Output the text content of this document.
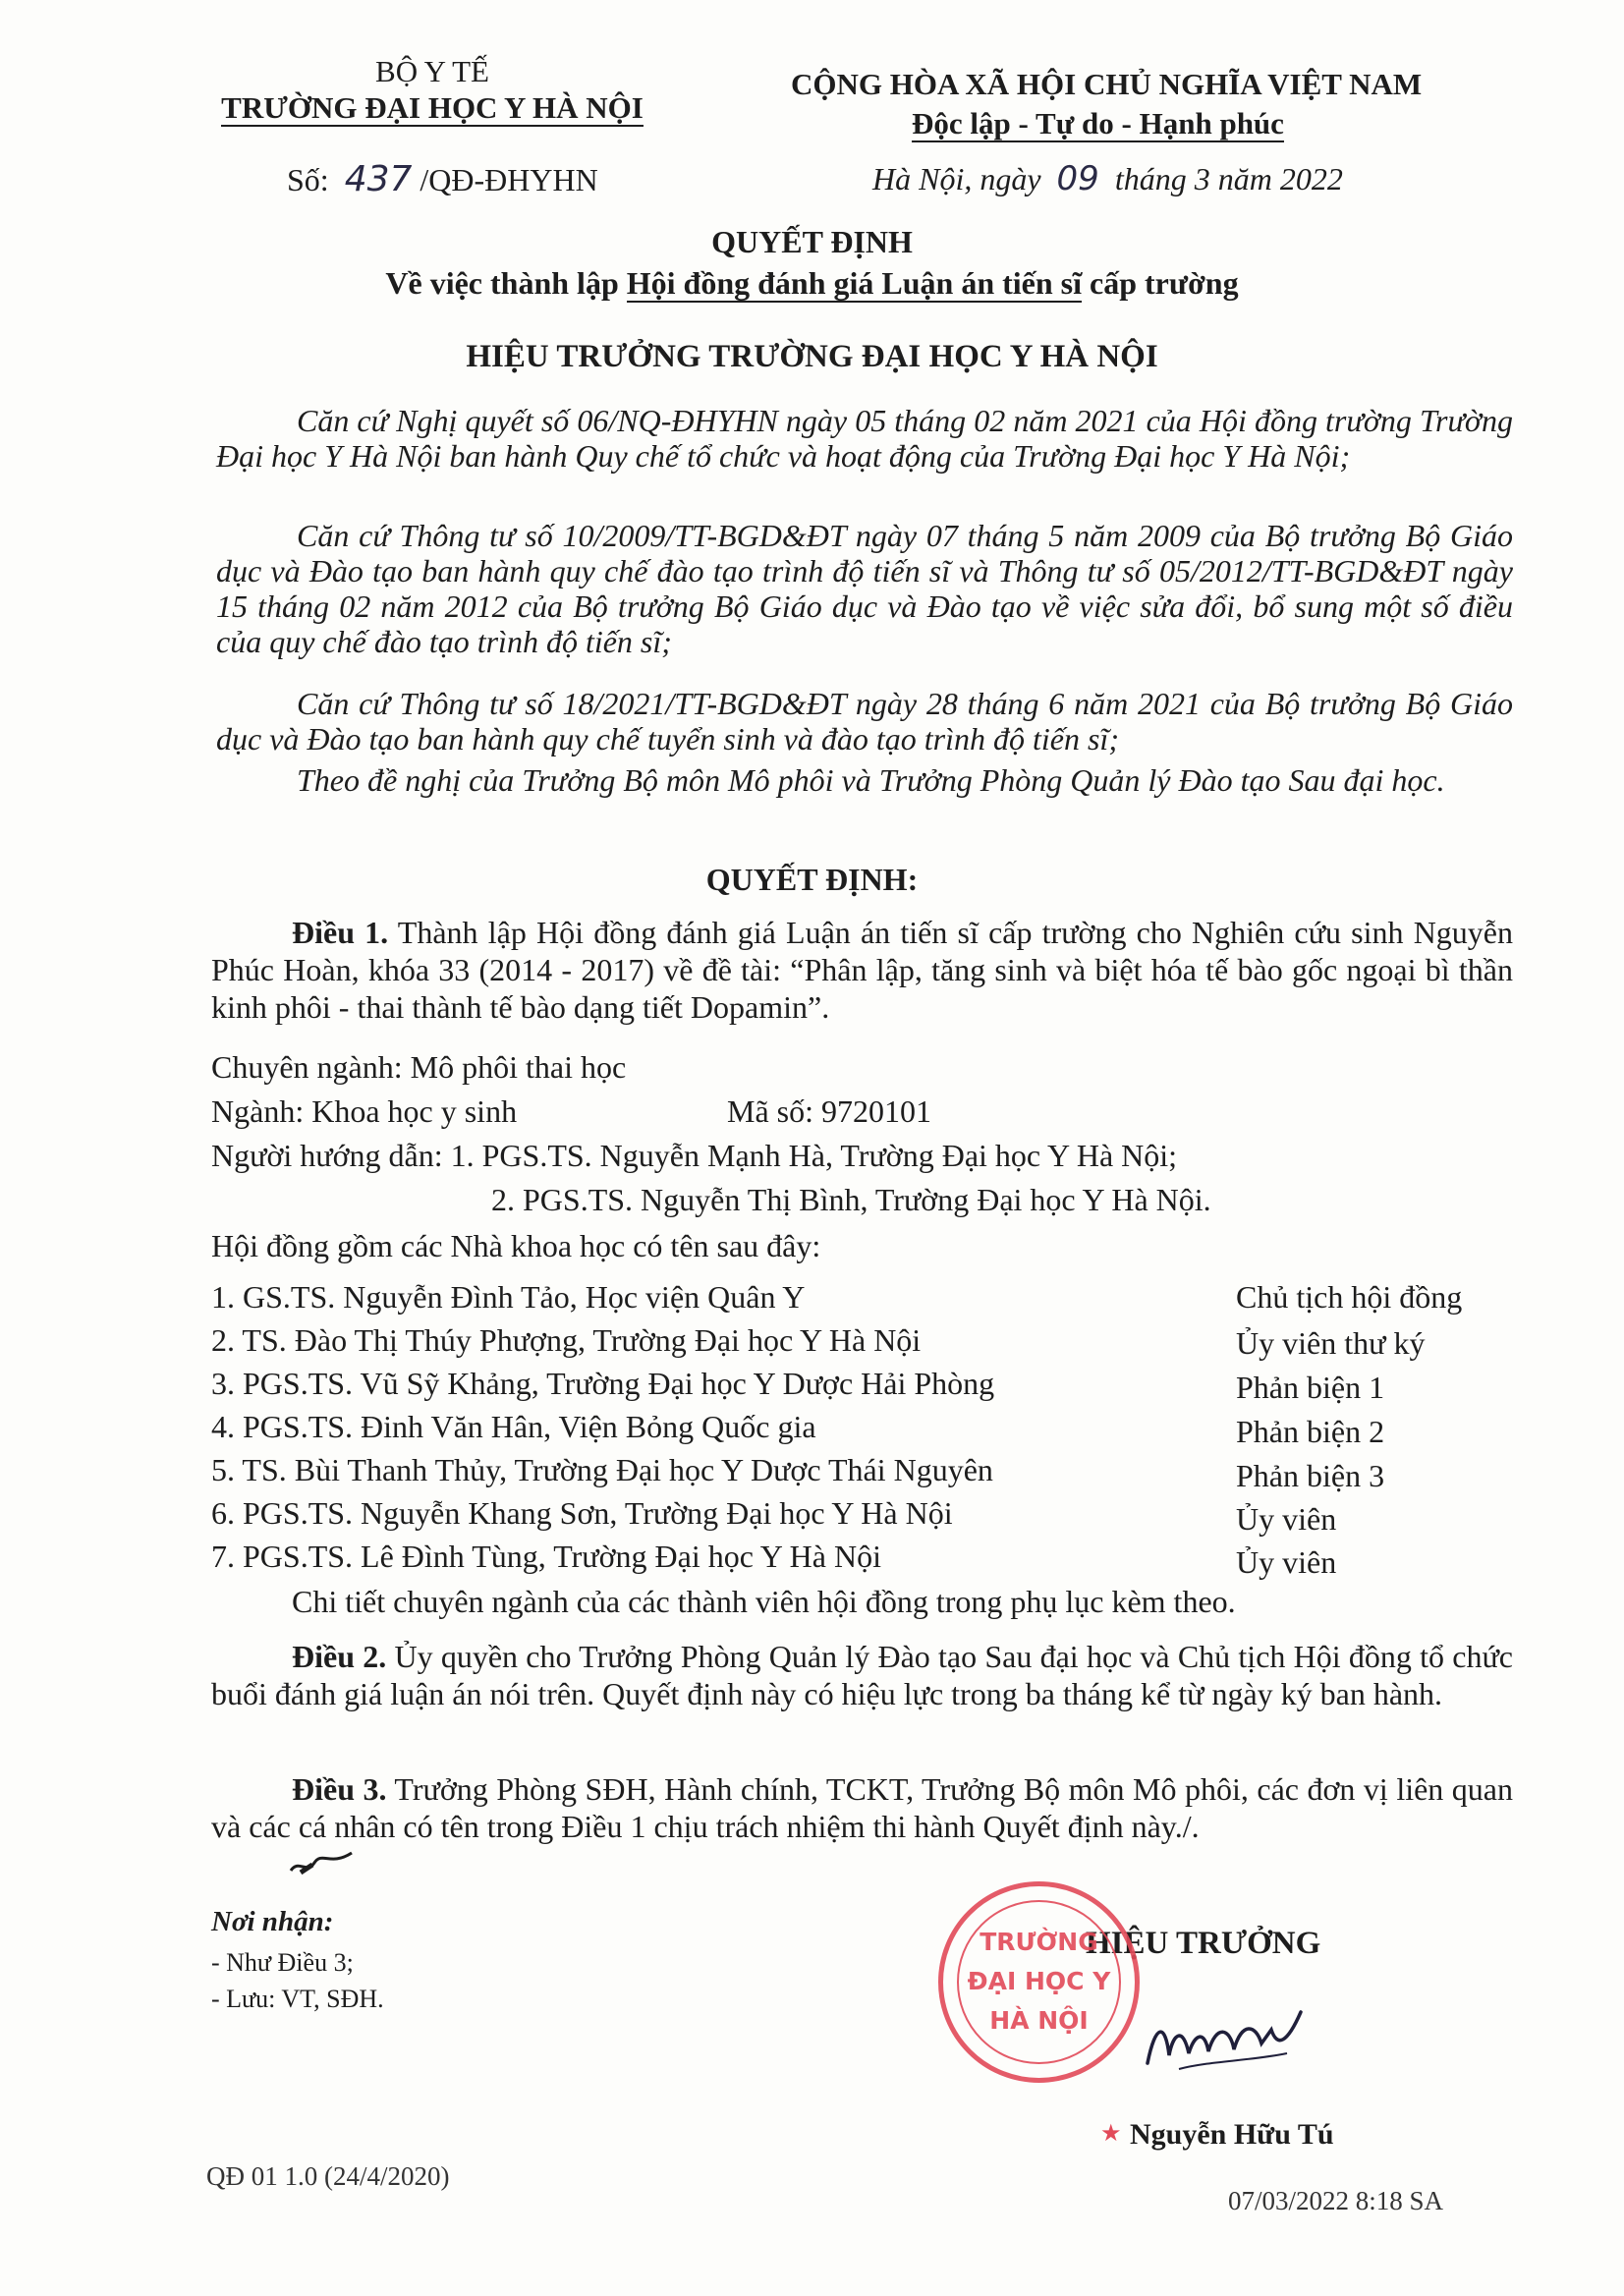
BỘ Y TẾ
TRƯỜNG ĐẠI HỌC Y HÀ NỘI
Số: 437 /QĐ-ĐHYHN
CỘNG HÒA XÃ HỘI CHỦ NGHĨA VIỆT NAM
Độc lập - Tự do - Hạnh phúc
Hà Nội, ngày 09 tháng 3 năm 2022
QUYẾT ĐỊNH
Về việc thành lập Hội đồng đánh giá Luận án tiến sĩ cấp trường
HIỆU TRƯỞNG TRƯỜNG ĐẠI HỌC Y HÀ NỘI
Căn cứ Nghị quyết số 06/NQ-ĐHYHN ngày 05 tháng 02 năm 2021 của Hội đồng trường Trường Đại học Y Hà Nội ban hành Quy chế tổ chức và hoạt động của Trường Đại học Y Hà Nội;
Căn cứ Thông tư số 10/2009/TT-BGD&ĐT ngày 07 tháng 5 năm 2009 của Bộ trưởng Bộ Giáo dục và Đào tạo ban hành quy chế đào tạo trình độ tiến sĩ và Thông tư số 05/2012/TT-BGD&ĐT ngày 15 tháng 02 năm 2012 của Bộ trưởng Bộ Giáo dục và Đào tạo về việc sửa đổi, bổ sung một số điều của quy chế đào tạo trình độ tiến sĩ;
Căn cứ Thông tư số 18/2021/TT-BGD&ĐT ngày 28 tháng 6 năm 2021 của Bộ trưởng Bộ Giáo dục và Đào tạo ban hành quy chế tuyển sinh và đào tạo trình độ tiến sĩ;
Theo đề nghị của Trưởng Bộ môn Mô phôi và Trưởng Phòng Quản lý Đào tạo Sau đại học.
QUYẾT ĐỊNH:
Điều 1. Thành lập Hội đồng đánh giá Luận án tiến sĩ cấp trường cho Nghiên cứu sinh Nguyễn Phúc Hoàn, khóa 33 (2014 - 2017) về đề tài: “Phân lập, tăng sinh và biệt hóa tế bào gốc ngoại bì thần kinh phôi - thai thành tế bào dạng tiết Dopamin”.
Chuyên ngành: Mô phôi thai học
Ngành: Khoa học y sinh	Mã số: 9720101
Người hướng dẫn: 1. PGS.TS. Nguyễn Mạnh Hà, Trường Đại học Y Hà Nội;
2. PGS.TS. Nguyễn Thị Bình, Trường Đại học Y Hà Nội.
Hội đồng gồm các Nhà khoa học có tên sau đây:
1. GS.TS. Nguyễn Đình Tảo, Học viện Quân Y	Chủ tịch hội đồng
2. TS. Đào Thị Thúy Phượng, Trường Đại học Y Hà Nội	Ủy viên thư ký
3. PGS.TS. Vũ Sỹ Khảng, Trường Đại học Y Dược Hải Phòng	Phản biện 1
4. PGS.TS. Đinh Văn Hân, Viện Bỏng Quốc gia	Phản biện 2
5. TS. Bùi Thanh Thủy, Trường Đại học Y Dược Thái Nguyên	Phản biện 3
6. PGS.TS. Nguyễn Khang Sơn, Trường Đại học Y Hà Nội	Ủy viên
7. PGS.TS. Lê Đình Tùng, Trường Đại học Y Hà Nội	Ủy viên
Chi tiết chuyên ngành của các thành viên hội đồng trong phụ lục kèm theo.
Điều 2. Ủy quyền cho Trưởng Phòng Quản lý Đào tạo Sau đại học và Chủ tịch Hội đồng tổ chức buổi đánh giá luận án nói trên. Quyết định này có hiệu lực trong ba tháng kể từ ngày ký ban hành.
Điều 3. Trưởng Phòng SĐH, Hành chính, TCKT, Trưởng Bộ môn Mô phôi, các đơn vị liên quan và các cá nhân có tên trong Điều 1 chịu trách nhiệm thi hành Quyết định này./.
Nơi nhận:
- Như Điều 3;
- Lưu: VT, SĐH.
HIỆU TRƯỞNG
TRƯỜNG
ĐẠI HỌC Y
HÀ NỘI
★ Nguyễn Hữu Tú
QĐ 01 1.0 (24/4/2020)
07/03/2022 8:18 SA
